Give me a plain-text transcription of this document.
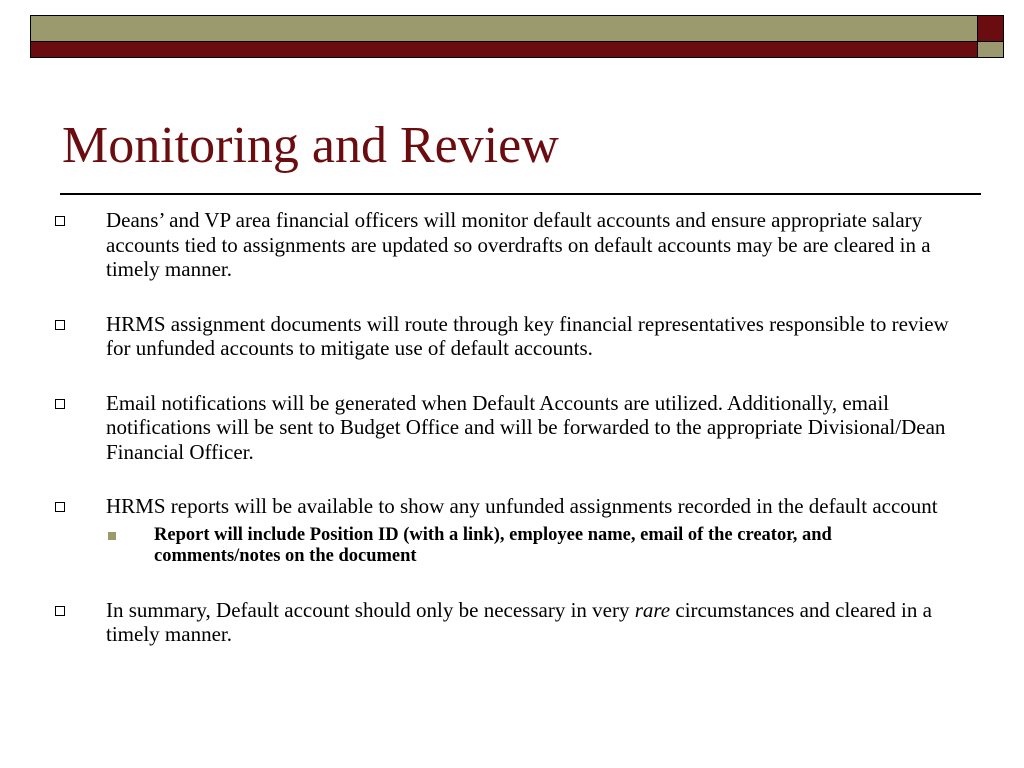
Monitoring and Review
Deans’ and VP area financial officers will monitor default accounts and ensure appropriate salary accounts tied to assignments are updated so overdrafts on default accounts may be are cleared in a timely manner.
HRMS assignment documents will route through key financial representatives responsible to review for unfunded accounts to mitigate use of default accounts.
Email notifications will be generated when Default Accounts are utilized. Additionally, email notifications will be sent to Budget Office and will be forwarded to the appropriate Divisional/Dean Financial Officer.
HRMS reports will be available to show any unfunded assignments recorded in the default account
Report will include Position ID (with a link), employee name, email of the creator, and comments/notes on the document
In summary, Default account should only be necessary in very rare circumstances and cleared in a timely manner.
